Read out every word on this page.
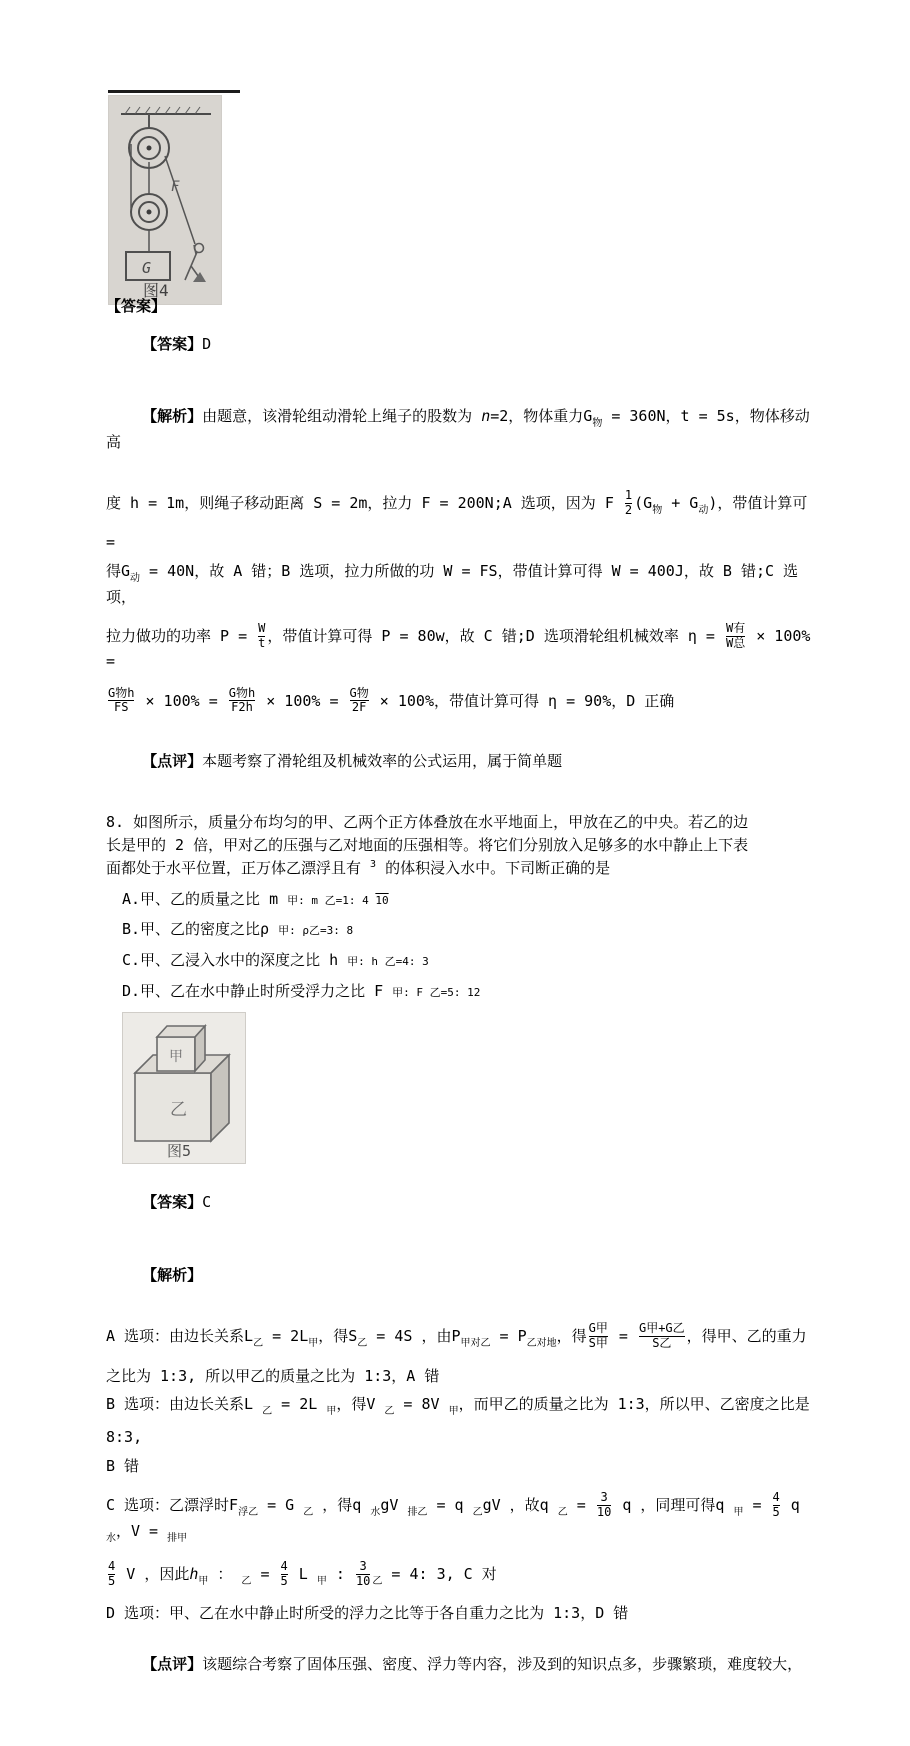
G
F
图4
【答案】

【答案】D

【解析】由题意，该滑轮组动滑轮上绳子的股数为 n=2，物体重力$G_物 = 360N$，t = 5s，物体移动高

度 h = 1m，则绳子移动距离 S = 2m，拉力 F = 200N;A 选项，因为 F $\frac{1}{2} (G_物 + G_动)$，带值计算可

=

得$G_动 = 40N$，故 A 错；B 选项，拉力所做的功 W = FS，带值计算可得 W = 400J，故 B 错;C 选项，

拉力做功的功率 $P = \frac{W}{t}$ ，带值计算可得 P = 80w，故 C 错;D 选项滑轮组机械效率 $\eta = \frac{\text{W有}}{\text{W总}} \times 100\%$ =

$\frac{\text{G物h}}{FS} \times 100\% = \frac{\text{G物h}}{F2h} \times 100\% = \frac{\text{G物}}{2F} \times 100\%$，带值计算可得 η = 90%，D 正确

【点评】本题考察了滑轮组及机械效率的公式运用，属于简单题

8. 如图所示，质量分布均匀的甲、乙两个正方体叠放在水平地面上，甲放在乙的中央。若乙的边

长是甲的 2 倍，甲对乙的压强与乙对地面的压强相等。将它们分别放入足够多的水中静止上下表

面都处于水平位置，正万体乙漂浮且有 $^3$ 的体积浸入水中。下司断正确的是

A.甲、乙的质量之比 m 甲: m 乙=1: 4 10

B.甲、乙的密度之比ρ 甲: ρ乙=3: 8

C.甲、乙浸入水中的深度之比 h 甲: h 乙=4: 3

D.甲、乙在水中静止时所受浮力之比 F 甲: F 乙=5: 12

乙
甲
图5

【答案】C

【解析】

A 选项：由边长关系$L_乙 = 2L_甲$，得$S_乙 = 4S$ ，由$P_{甲对乙} = P_{乙对地}$，得 $\frac{\text{G甲}}{\text{S甲}} = \frac{\text{G甲+G乙}}{\text{S乙}}$ ，得甲、乙的重力

之比为 1:3, 所以甲乙的质量之比为 1:3，A 错

B 选项：由边长关系L $_乙$ = 2L $_甲$，得V $_乙$ = 8V $_甲$，而甲乙的质量之比为 1:3，所以甲、乙密度之比是

8:3,

B 错

C 选项：乙漂浮时$F_{浮乙} = G$ $_乙$ ，得q $_水$gV $_{排乙}$ = q $_乙$gV ，故q $_乙 = \frac{3}{10}$ q ，同理可得q $_甲 = \frac{4}{5}$ q $_水$，V = $_{排甲}$

$\frac{4}{5}$ V ，因此$h_甲$ ： $_乙 = \frac{4}{5}$ L $_甲$ : $\frac{3}{10} _乙 = 4$: 3, C 对

D 选项：甲、乙在水中静止时所受的浮力之比等于各自重力之比为 1:3，D 错

【点评】该题综合考察了固体压强、密度、浮力等内容，涉及到的知识点多，步骤繁琐，难度较大，
